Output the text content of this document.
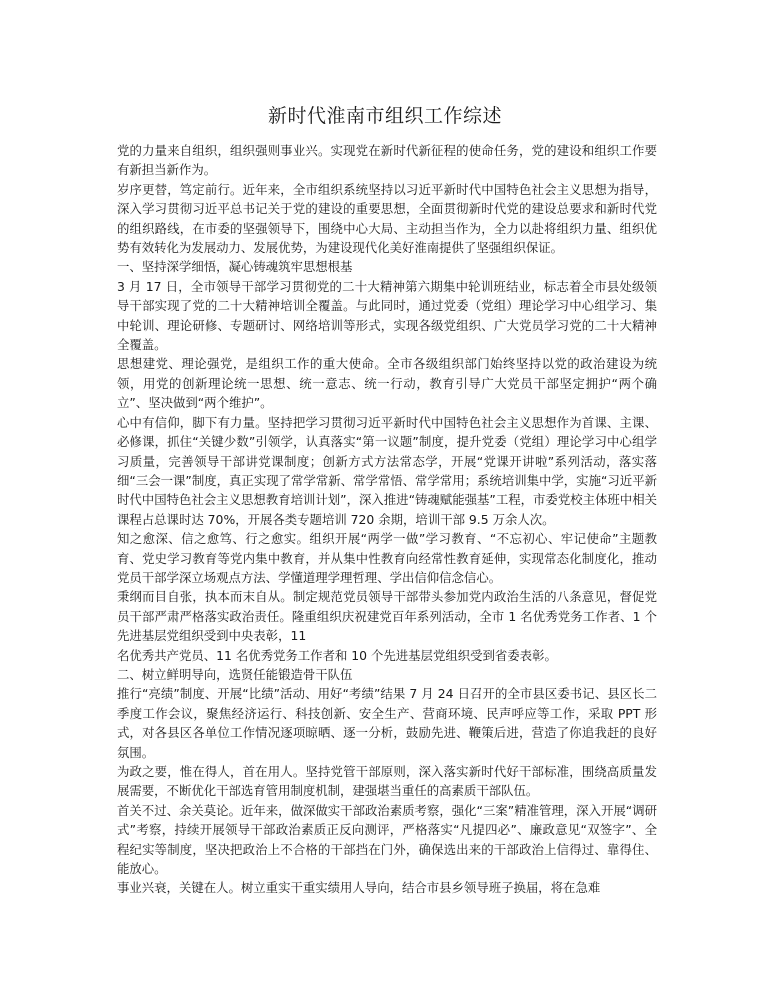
新时代淮南市组织工作综述

党的力量来自组织，组织强则事业兴。实现党在新时代新征程的使命任务，党的建设和组织工作要有新担当新作为。

岁序更替，笃定前行。近年来，全市组织系统坚持以习近平新时代中国特色社会主义思想为指导，深入学习贯彻习近平总书记关于党的建设的重要思想，全面贯彻新时代党的建设总要求和新时代党的组织路线，在市委的坚强领导下，围绕中心大局、主动担当作为，全力以赴将组织力量、组织优势有效转化为发展动力、发展优势，为建设现代化美好淮南提供了坚强组织保证。

一、坚持深学细悟，凝心铸魂筑牢思想根基

3 月 17 日，全市领导干部学习贯彻党的二十大精神第六期集中轮训班结业，标志着全市县处级领导干部实现了党的二十大精神培训全覆盖。与此同时，通过党委（党组）理论学习中心组学习、集中轮训、理论研修、专题研讨、网络培训等形式，实现各级党组织、广大党员学习党的二十大精神全覆盖。

思想建党、理论强党，是组织工作的重大使命。全市各级组织部门始终坚持以党的政治建设为统领，用党的创新理论统一思想、统一意志、统一行动，教育引导广大党员干部坚定拥护“两个确立”、坚决做到“两个维护”。

心中有信仰，脚下有力量。坚持把学习贯彻习近平新时代中国特色社会主义思想作为首课、主课、必修课，抓住“关键少数”引领学，认真落实“第一议题”制度，提升党委（党组）理论学习中心组学习质量，完善领导干部讲党课制度；创新方式方法常态学，开展“党课开讲啦”系列活动，落实落细“三会一课”制度，真正实现了常学常新、常学常悟、常学常用；系统培训集中学，实施“习近平新时代中国特色社会主义思想教育培训计划”，深入推进“铸魂赋能强基”工程，市委党校主体班中相关课程占总课时达 70%，开展各类专题培训 720 余期，培训干部 9.5 万余人次。

知之愈深、信之愈笃、行之愈实。组织开展“两学一做”学习教育、“不忘初心、牢记使命”主题教育、党史学习教育等党内集中教育，并从集中性教育向经常性教育延伸，实现常态化制度化，推动党员干部学深立场观点方法、学懂道理学理哲理、学出信仰信念信心。

秉纲而目自张，执本而末自从。制定规范党员领导干部带头参加党内政治生活的八条意见，督促党员干部严肃严格落实政治责任。隆重组织庆祝建党百年系列活动，全市 1 名优秀党务工作者、1 个先进基层党组织受到中央表彰，11

名优秀共产党员、11 名优秀党务工作者和 10 个先进基层党组织受到省委表彰。

二、树立鲜明导向，选贤任能锻造骨干队伍

推行“亮绩”制度、开展“比绩”活动、用好“考绩”结果 7 月 24 日召开的全市县区委书记、县区长二季度工作会议，聚焦经济运行、科技创新、安全生产、营商环境、民声呼应等工作，采取 PPT 形式，对各县区各单位工作情况逐项晾晒、逐一分析，鼓励先进、鞭策后进，营造了你追我赶的良好氛围。

为政之要，惟在得人，首在用人。坚持党管干部原则，深入落实新时代好干部标准，围绕高质量发展需要，不断优化干部选育管用制度机制，建强堪当重任的高素质干部队伍。

首关不过、余关莫论。近年来，做深做实干部政治素质考察，强化“三案”精准管理，深入开展“调研式”考察，持续开展领导干部政治素质正反向测评，严格落实“凡提四必”、廉政意见“双签字”、全程纪实等制度，坚决把政治上不合格的干部挡在门外，确保选出来的干部政治上信得过、靠得住、能放心。

事业兴衰，关键在人。树立重实干重实绩用人导向，结合市县乡领导班子换届，将在急难
